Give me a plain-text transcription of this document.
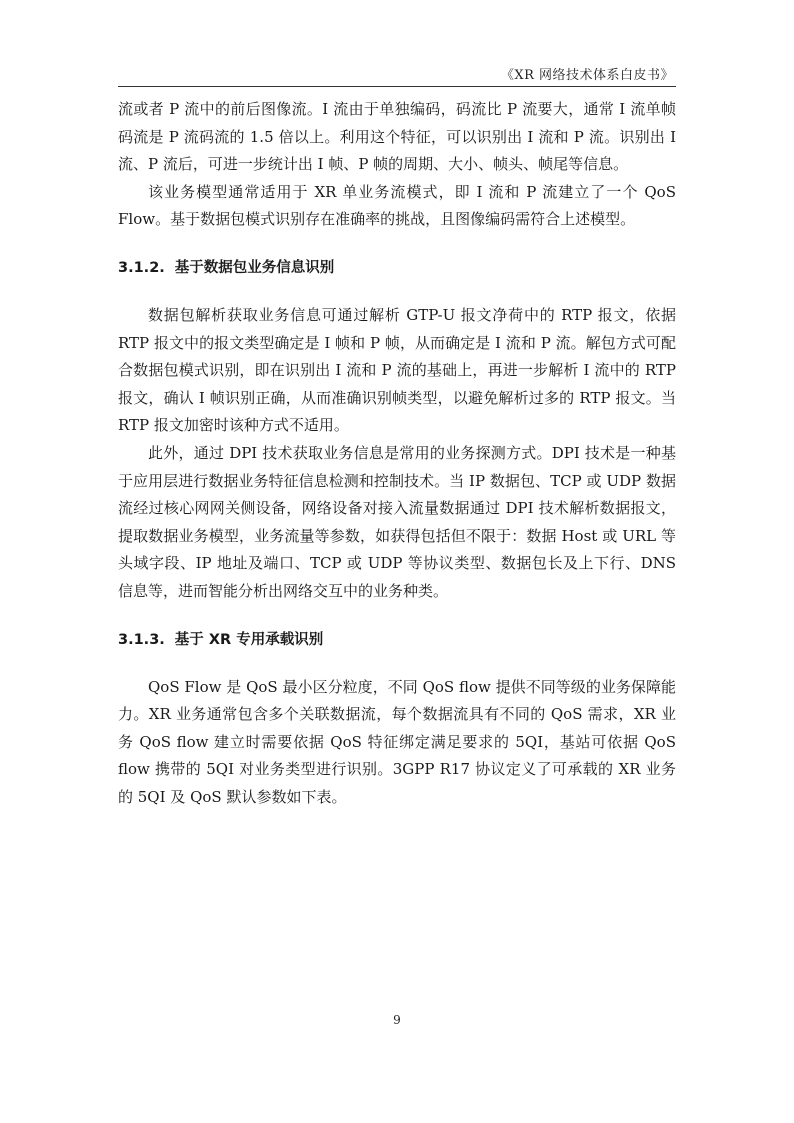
《XR 网络技术体系白皮书》

流或者 P 流中的前后图像流。I 流由于单独编码，码流比 P 流要大，通常 I 流单帧码流是 P 流码流的 1.5 倍以上。利用这个特征，可以识别出 I 流和 P 流。识别出 I 流、P 流后，可进一步统计出 I 帧、P 帧的周期、大小、帧头、帧尾等信息。

该业务模型通常适用于 XR 单业务流模式，即 I 流和 P 流建立了一个 QoS Flow。基于数据包模式识别存在准确率的挑战，且图像编码需符合上述模型。

3.1.2. 基于数据包业务信息识别

数据包解析获取业务信息可通过解析 GTP-U 报文净荷中的 RTP 报文，依据 RTP 报文中的报文类型确定是 I 帧和 P 帧，从而确定是 I 流和 P 流。解包方式可配合数据包模式识别，即在识别出 I 流和 P 流的基础上，再进一步解析 I 流中的 RTP 报文，确认 I 帧识别正确，从而准确识别帧类型，以避免解析过多的 RTP 报文。当 RTP 报文加密时该种方式不适用。

此外，通过 DPI 技术获取业务信息是常用的业务探测方式。DPI 技术是一种基于应用层进行数据业务特征信息检测和控制技术。当 IP 数据包、TCP 或 UDP 数据流经过核心网网关侧设备，网络设备对接入流量数据通过 DPI 技术解析数据报文，提取数据业务模型，业务流量等参数，如获得包括但不限于：数据 Host 或 URL 等头域字段、IP 地址及端口、TCP 或 UDP 等协议类型、数据包长及上下行、DNS 信息等，进而智能分析出网络交互中的业务种类。

3.1.3. 基于 XR 专用承载识别

QoS Flow 是 QoS 最小区分粒度，不同 QoS flow 提供不同等级的业务保障能力。XR 业务通常包含多个关联数据流，每个数据流具有不同的 QoS 需求，XR 业务 QoS flow 建立时需要依据 QoS 特征绑定满足要求的 5QI，基站可依据 QoS flow 携带的 5QI 对业务类型进行识别。3GPP R17 协议定义了可承载的 XR 业务的 5QI 及 QoS 默认参数如下表。

9
